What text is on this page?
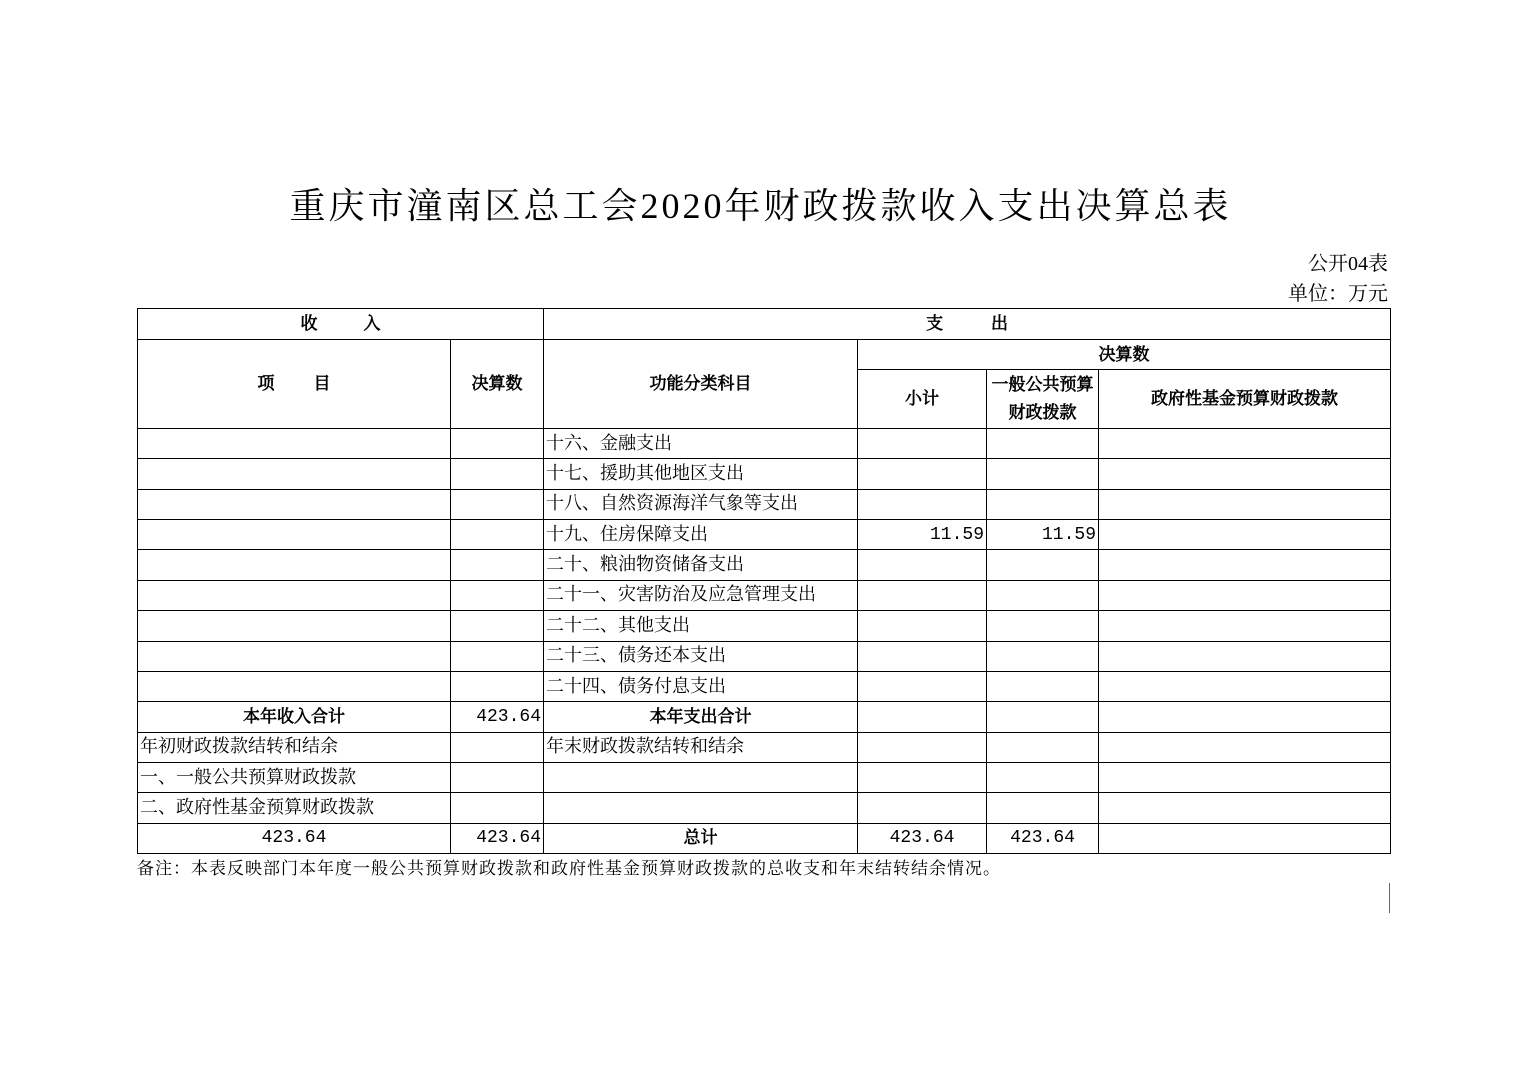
重庆市潼南区总工会2020年财政拨款收入支出决算总表
公开04表
单位：万元
收 入		支 出			
项 目	决算数	功能分类科目	决算数		
			小计	一般公共预算财政拨款	政府性基金预算财政拨款
		十六、金融支出			
		十七、援助其他地区支出			
		十八、自然资源海洋气象等支出			
		十九、住房保障支出	11.59	11.59	
		二十、粮油物资储备支出			
		二十一、灾害防治及应急管理支出			
		二十二、其他支出			
		二十三、债务还本支出			
		二十四、债务付息支出			
本年收入合计	423.64	本年支出合计			
年初财政拨款结转和结余		年末财政拨款结转和结余			
一、一般公共预算财政拨款					
二、政府性基金预算财政拨款					
423.64	423.64	总计	423.64	423.64	
备注：本表反映部门本年度一般公共预算财政拨款和政府性基金预算财政拨款的总收支和年末结转结余情况。
